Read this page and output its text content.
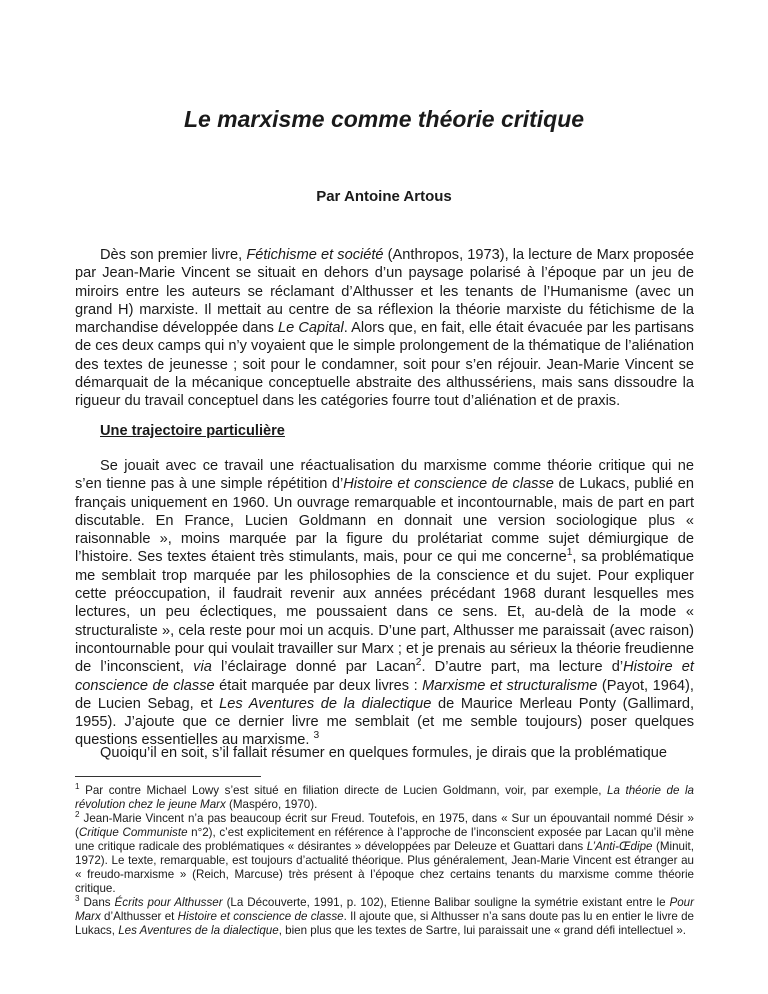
Le marxisme comme théorie critique

Par Antoine Artous

Dès son premier livre, Fétichisme et société (Anthropos, 1973), la lecture de Marx proposée par Jean-Marie Vincent se situait en dehors d’un paysage polarisé à l’époque par un jeu de miroirs entre les auteurs se réclamant d’Althusser et les tenants de l’Humanisme (avec un grand H) marxiste. Il mettait au centre de sa réflexion la théorie marxiste du fétichisme de la marchandise développée dans Le Capital. Alors que, en fait, elle était évacuée par les partisans de ces deux camps qui n’y voyaient que le simple prolongement de la thématique de l’aliénation des textes de jeunesse ; soit pour le condamner, soit pour s’en réjouir. Jean-Marie Vincent se démarquait de la mécanique conceptuelle abstraite des althussériens, mais sans dissoudre la rigueur du travail conceptuel dans les catégories fourre tout d’aliénation et de praxis.

Une trajectoire particulière

Se jouait avec ce travail une réactualisation du marxisme comme théorie critique qui ne s’en tienne pas à une simple répétition d’Histoire et conscience de classe de Lukacs, publié en français uniquement en 1960. Un ouvrage remarquable et incontournable, mais de part en part discutable. En France, Lucien Goldmann en donnait une version sociologique plus « raisonnable », moins marquée par la figure du prolétariat comme sujet démiurgique de l’histoire. Ses textes étaient très stimulants, mais, pour ce qui me concerne$^1$, sa problématique me semblait trop marquée par les philosophies de la conscience et du sujet. Pour expliquer cette préoccupation, il faudrait revenir aux années précédant 1968 durant lesquelles mes lectures, un peu éclectiques, me poussaient dans ce sens. Et, au-delà de la mode « structuraliste », cela reste pour moi un acquis. D’une part, Althusser me paraissait (avec raison) incontournable pour qui voulait travailler sur Marx ; et je prenais au sérieux la théorie freudienne de l’inconscient, via l’éclairage donné par Lacan$^2$. D’autre part, ma lecture d’Histoire et conscience de classe était marquée par deux livres : Marxisme et structuralisme (Payot, 1964), de Lucien Sebag, et Les Aventures de la dialectique de Maurice Merleau Ponty (Gallimard, 1955). J’ajoute que ce dernier livre me semblait (et me semble toujours) poser quelques questions essentielles au marxisme. $^3$

Quoiqu’il en soit, s’il fallait résumer en quelques formules, je dirais que la problématique

$^1$ Par contre Michael Lowy s’est situé en filiation directe de Lucien Goldmann, voir, par exemple, La théorie de la révolution chez le jeune Marx (Maspéro, 1970).

$^2$ Jean-Marie Vincent n’a pas beaucoup écrit sur Freud. Toutefois, en 1975, dans « Sur un épouvantail nommé Désir » (Critique Communiste n°2), c’est explicitement en référence à l’approche de l’inconscient exposée par Lacan qu’il mène une critique radicale des problématiques « désirantes » développées par Deleuze et Guattari dans L’Anti-Œdipe (Minuit, 1972). Le texte, remarquable, est toujours d’actualité théorique. Plus généralement, Jean-Marie Vincent est étranger au « freudo-marxisme » (Reich, Marcuse) très présent à l’époque chez certains tenants du marxisme comme théorie critique.

$^3$ Dans Écrits pour Althusser (La Découverte, 1991, p. 102), Etienne Balibar souligne la symétrie existant entre le Pour Marx d’Althusser et Histoire et conscience de classe. Il ajoute que, si Althusser n’a sans doute pas lu en entier le livre de Lukacs, Les Aventures de la dialectique, bien plus que les textes de Sartre, lui paraissait une « grand défi intellectuel ».
